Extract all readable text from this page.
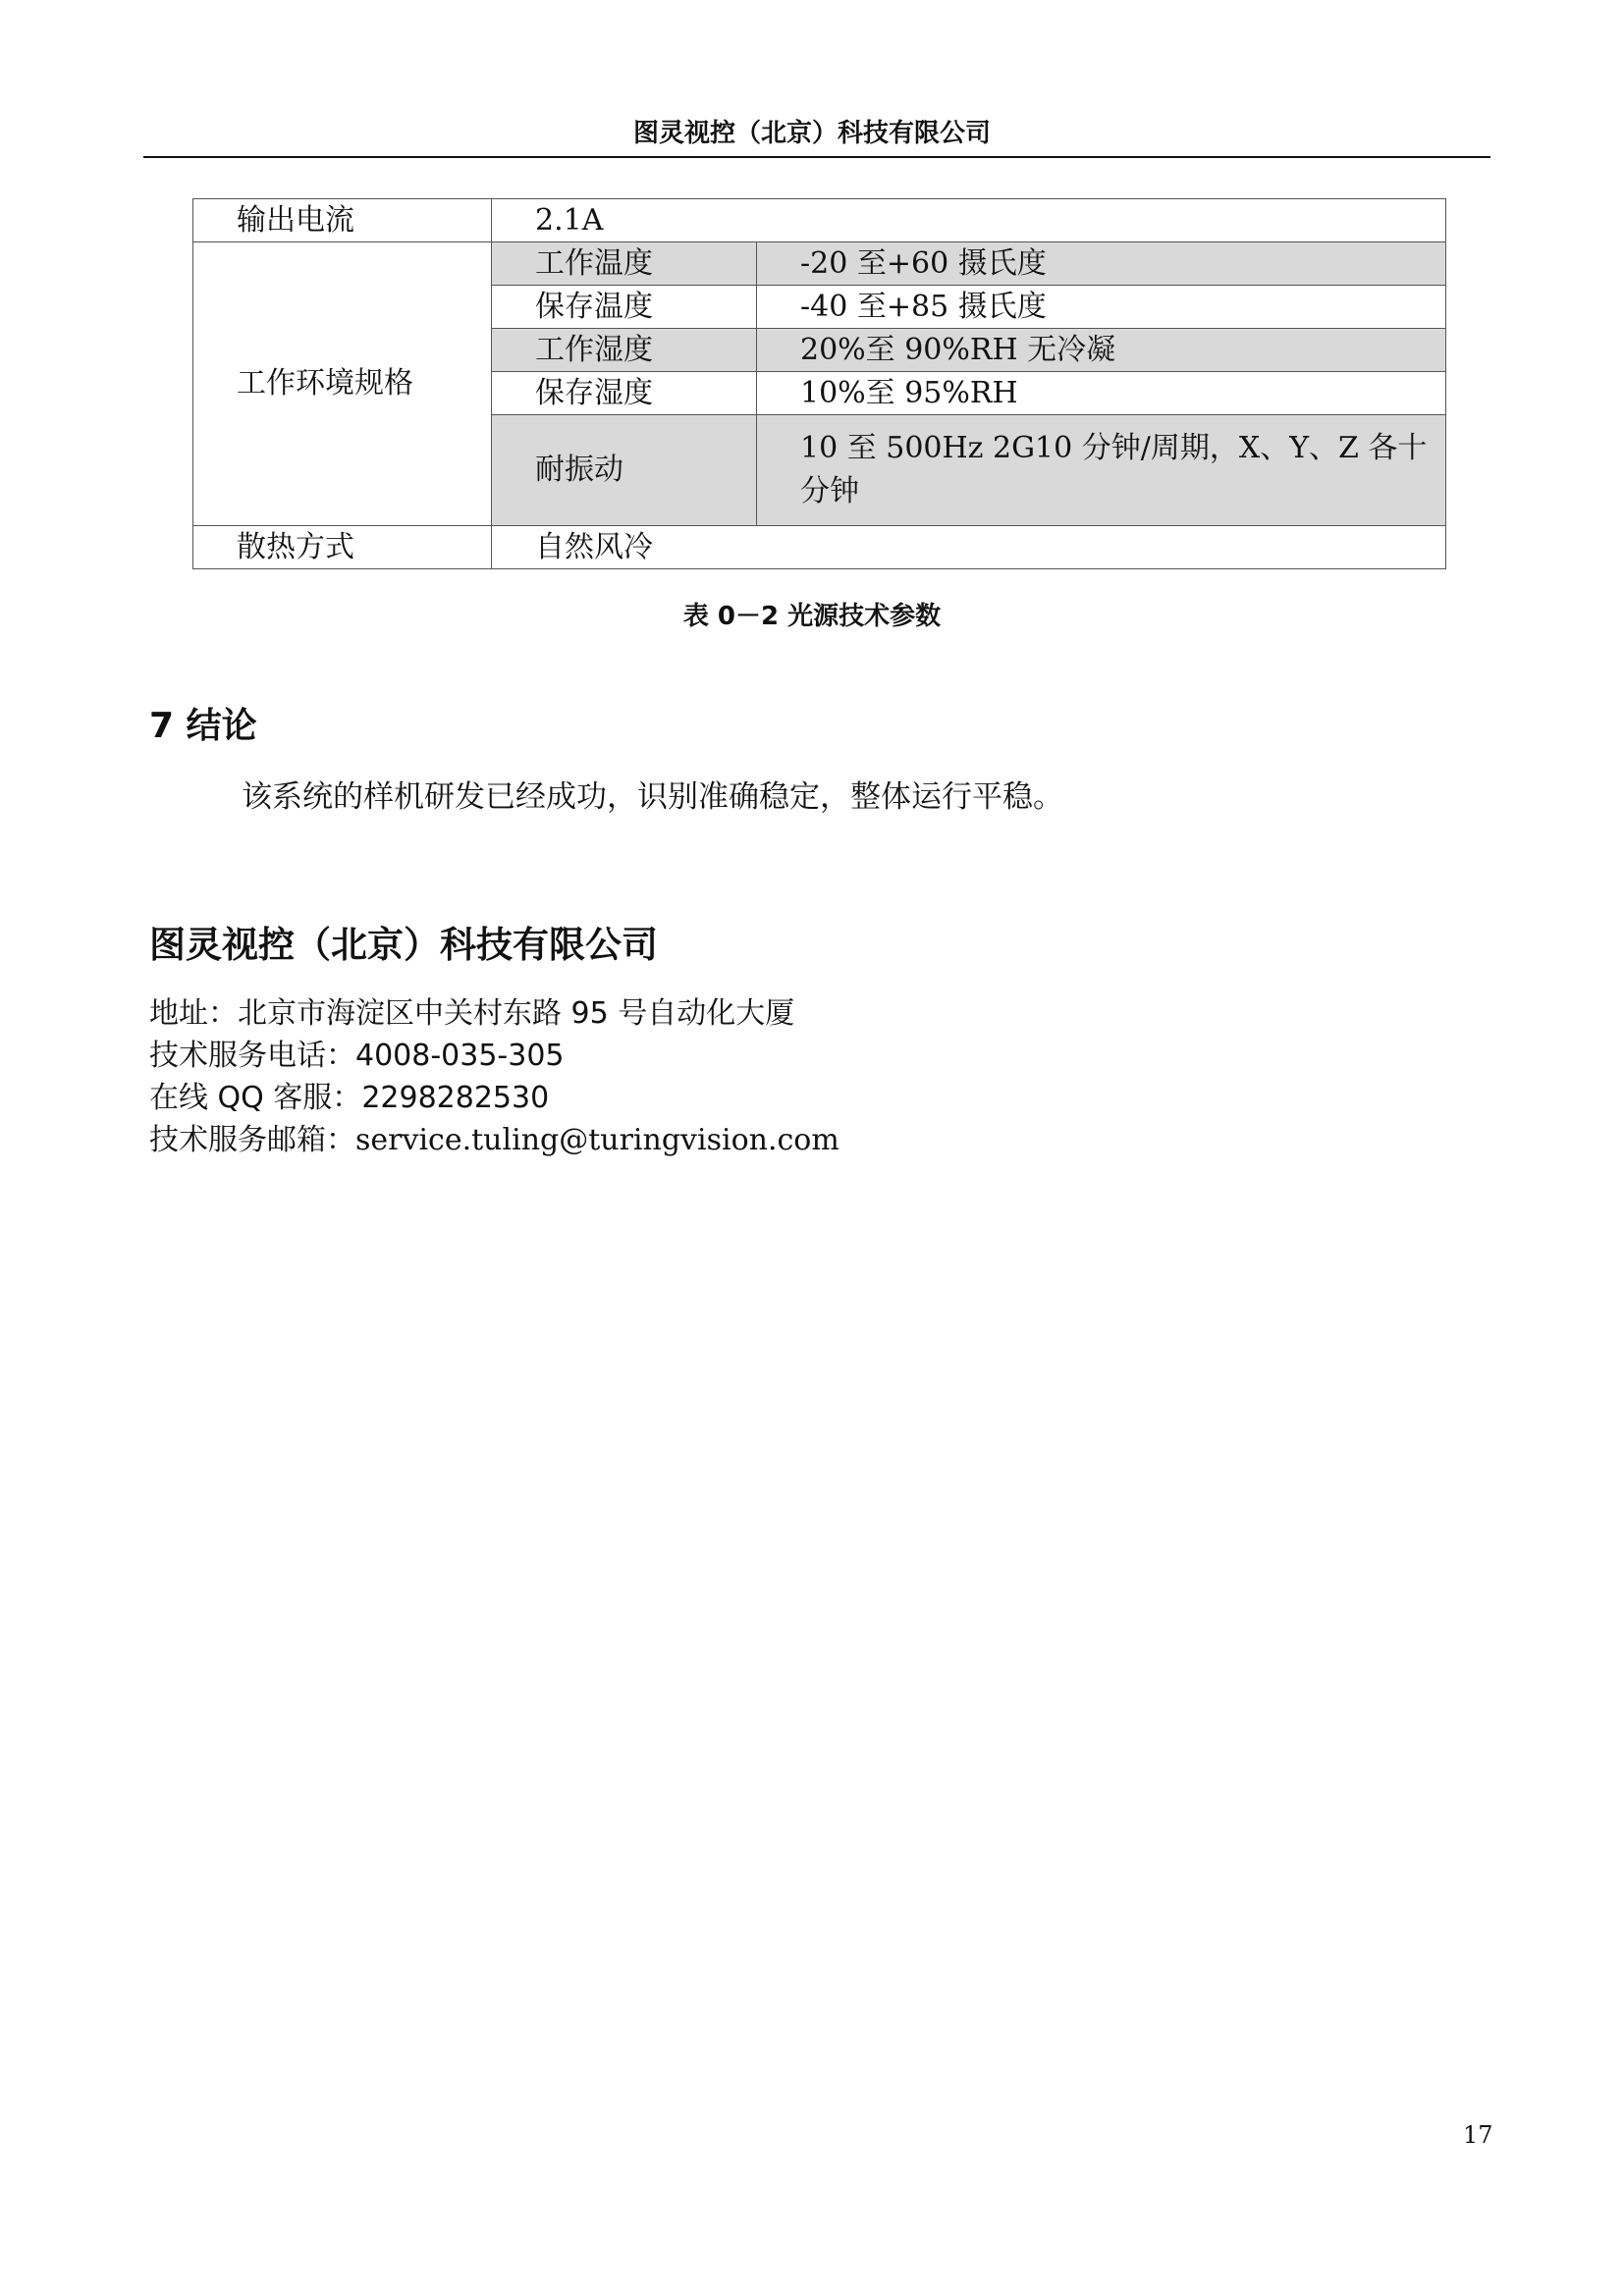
图灵视控（北京）科技有限公司
输出电流	2.1A	
工作环境规格	工作温度	-20 至+60 摄氏度
	保存温度	-40 至+85 摄氏度
	工作湿度	20%至 90%RH 无冷凝
	保存湿度	10%至 95%RH
	耐振动	10 至 500Hz 2G10 分钟/周期，X、Y、Z 各十
分钟

散热方式	自然风冷	
表 0－2 光源技术参数
7 结论
该系统的样机研发已经成功，识别准确稳定，整体运行平稳。
图灵视控（北京）科技有限公司
地址：北京市海淀区中关村东路 95 号自动化大厦
技术服务电话：4008-035-305
在线 QQ 客服：2298282530
技术服务邮箱：service.tuling@turingvision.com
17
